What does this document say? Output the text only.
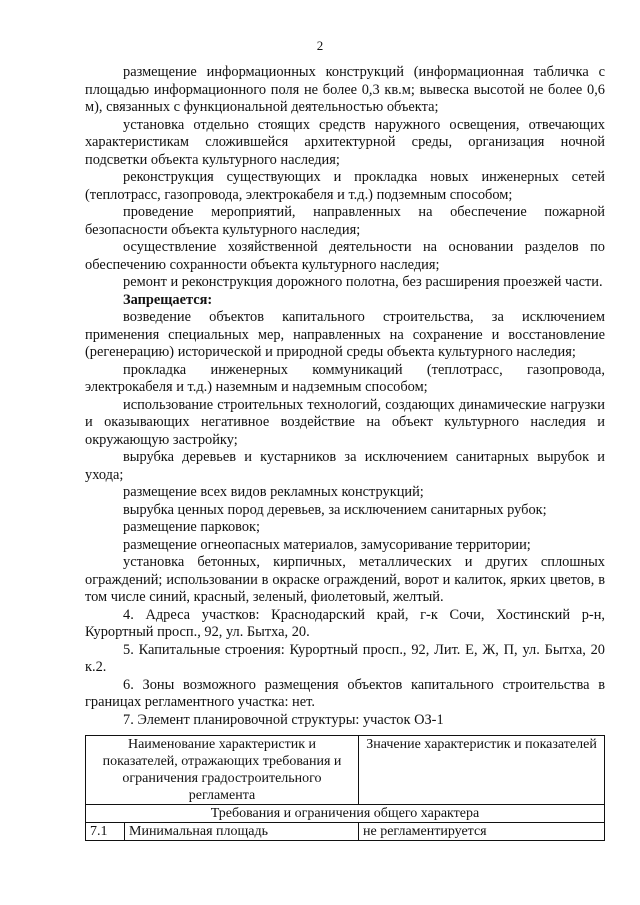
2

размещение информационных конструкций (информационная табличка с площадью информационного поля не более 0,3 кв.м; вывеска высотой не более 0,6 м), связанных с функциональной деятельностью объекта;

установка отдельно стоящих средств наружного освещения, отвечающих характеристикам сложившейся архитектурной среды, организация ночной подсветки объекта культурного наследия;

реконструкция существующих и прокладка новых инженерных сетей (теплотрасс, газопровода, электрокабеля и т.д.) подземным способом;

проведение мероприятий, направленных на обеспечение пожарной безопасности объекта культурного наследия;

осуществление хозяйственной деятельности на основании разделов по обеспечению сохранности объекта культурного наследия;

ремонт и реконструкция дорожного полотна, без расширения проезжей части.

Запрещается:

возведение объектов капитального строительства, за исключением применения специальных мер, направленных на сохранение и восстановление (регенерацию) исторической и природной среды объекта культурного наследия;

прокладка инженерных коммуникаций (теплотрасс, газопровода, электрокабеля и т.д.) наземным и надземным способом;

использование строительных технологий, создающих динамические нагрузки и оказывающих негативное воздействие на объект культурного наследия и окружающую застройку;

вырубка деревьев и кустарников за исключением санитарных вырубок и ухода;

размещение всех видов рекламных конструкций;

вырубка ценных пород деревьев, за исключением санитарных рубок;

размещение парковок;

размещение огнеопасных материалов, замусоривание территории;

установка бетонных, кирпичных, металлических и других сплошных ограждений; использовании в окраске ограждений, ворот и калиток, ярких цветов, в том числе синий, красный, зеленый, фиолетовый, желтый.

4. Адреса участков: Краснодарский край, г-к Сочи, Хостинский р-н, Курортный просп., 92, ул. Бытха, 20.

5. Капитальные строения: Курортный просп., 92, Лит. Е, Ж, П, ул. Бытха, 20 к.2.

6. Зоны возможного размещения объектов капитального строительства в границах регламентного участка: нет.

7. Элемент планировочной структуры: участок ОЗ-1

Наименование характеристик и показателей, отражающих требования и ограничения градостроительного регламента		Значение характеристик и показателей
Требования и ограничения общего характера		
7.1	Минимальная площадь	не регламентируется
